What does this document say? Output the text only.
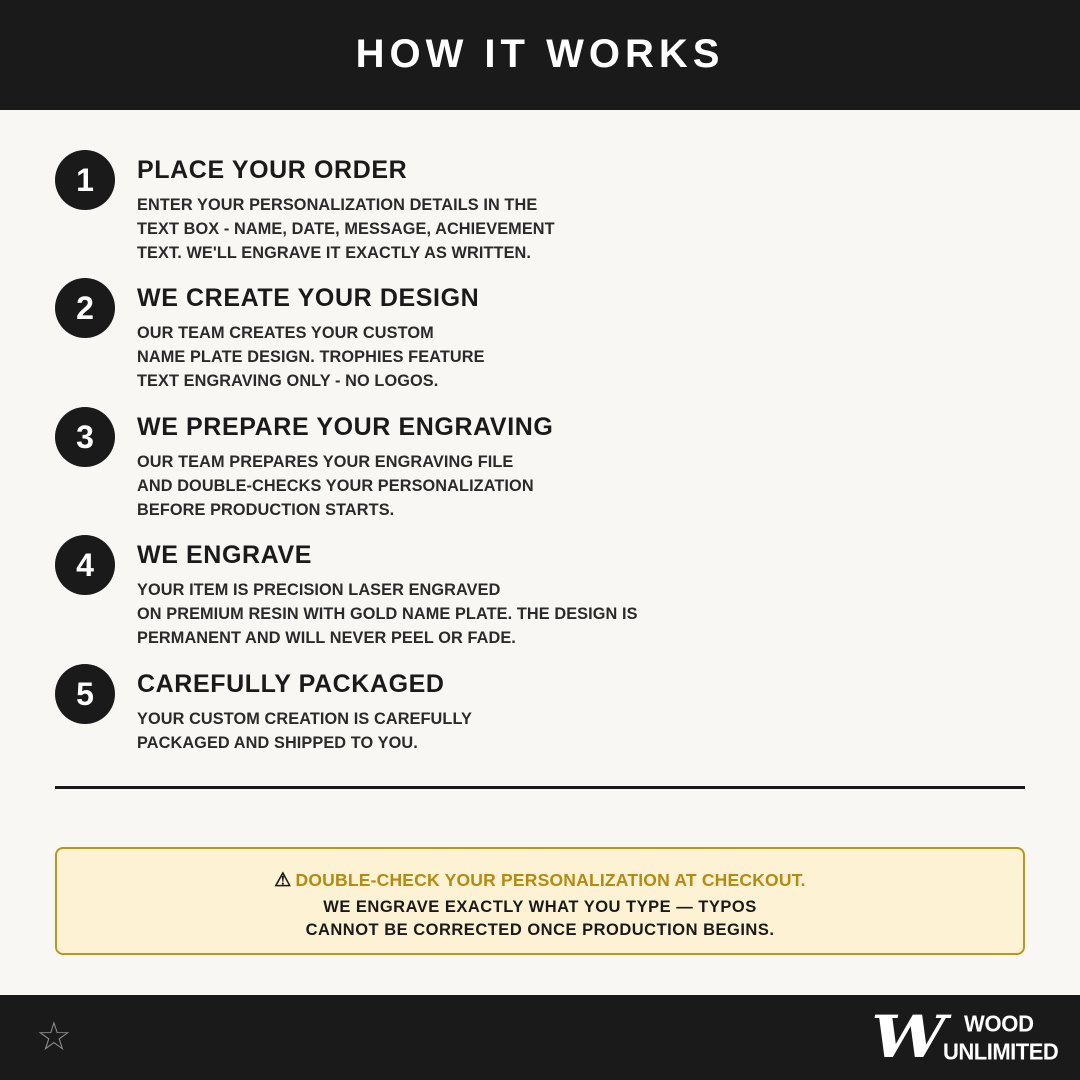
HOW IT WORKS
1	PLACE YOUR ORDER
ENTER YOUR PERSONALIZATION DETAILS IN THE
TEXT BOX - NAME, DATE, MESSAGE, ACHIEVEMENT
TEXT. WE'LL ENGRAVE IT EXACTLY AS WRITTEN.
2	WE CREATE YOUR DESIGN
OUR TEAM CREATES YOUR CUSTOM
NAME PLATE DESIGN. TROPHIES FEATURE
TEXT ENGRAVING ONLY - NO LOGOS.
3	WE PREPARE YOUR ENGRAVING
OUR TEAM PREPARES YOUR ENGRAVING FILE
AND DOUBLE-CHECKS YOUR PERSONALIZATION
BEFORE PRODUCTION STARTS.
4	WE ENGRAVE
YOUR ITEM IS PRECISION LASER ENGRAVED
ON PREMIUM RESIN WITH GOLD NAME PLATE. THE DESIGN IS
PERMANENT AND WILL NEVER PEEL OR FADE.
5	CAREFULLY PACKAGED
YOUR CUSTOM CREATION IS CAREFULLY
PACKAGED AND SHIPPED TO YOU.
⚠ DOUBLE-CHECK YOUR PERSONALIZATION AT CHECKOUT.
WE ENGRAVE EXACTLY WHAT YOU TYPE — TYPOS
CANNOT BE CORRECTED ONCE PRODUCTION BEGINS.
☆	W WOOD
UNLIMITED
